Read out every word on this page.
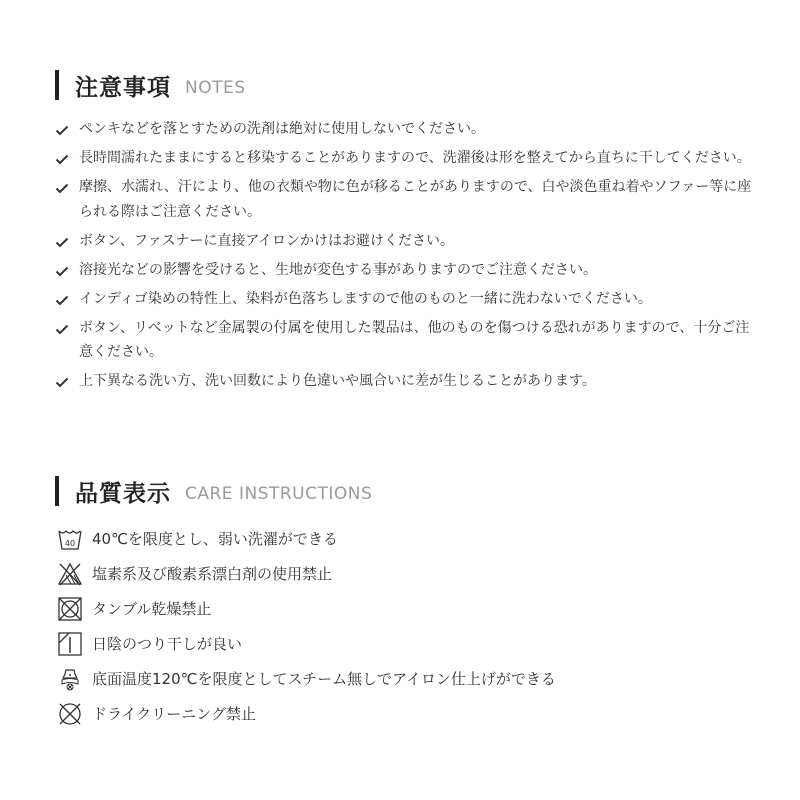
注意事項 NOTES
ペンキなどを落とすための洗剤は絶対に使用しないでください。
長時間濡れたままにすると移染することがありますので、洗濯後は形を整えてから直ちに干してください。
摩擦、水濡れ、汗により、他の衣類や物に色が移ることがありますので、白や淡色重ね着やソファー等に座られる際はご注意ください。
ボタン、ファスナーに直接アイロンかけはお避けください。
溶接光などの影響を受けると、生地が変色する事がありますのでご注意ください。
インディゴ染めの特性上、染料が色落ちしますので他のものと一緒に洗わないでください。
ボタン、リベットなど金属製の付属を使用した製品は、他のものを傷つける恐れがありますので、十分ご注意ください。
上下異なる洗い方、洗い回数により色違いや風合いに差が生じることがあります。
品質表示 CARE INSTRUCTIONS
40 40℃を限度とし、弱い洗濯ができる
塩素系及び酸素系漂白剤の使用禁止
タンブル乾燥禁止
日陰のつり干しが良い
底面温度120℃を限度としてスチーム無しでアイロン仕上げができる
ドライクリーニング禁止
